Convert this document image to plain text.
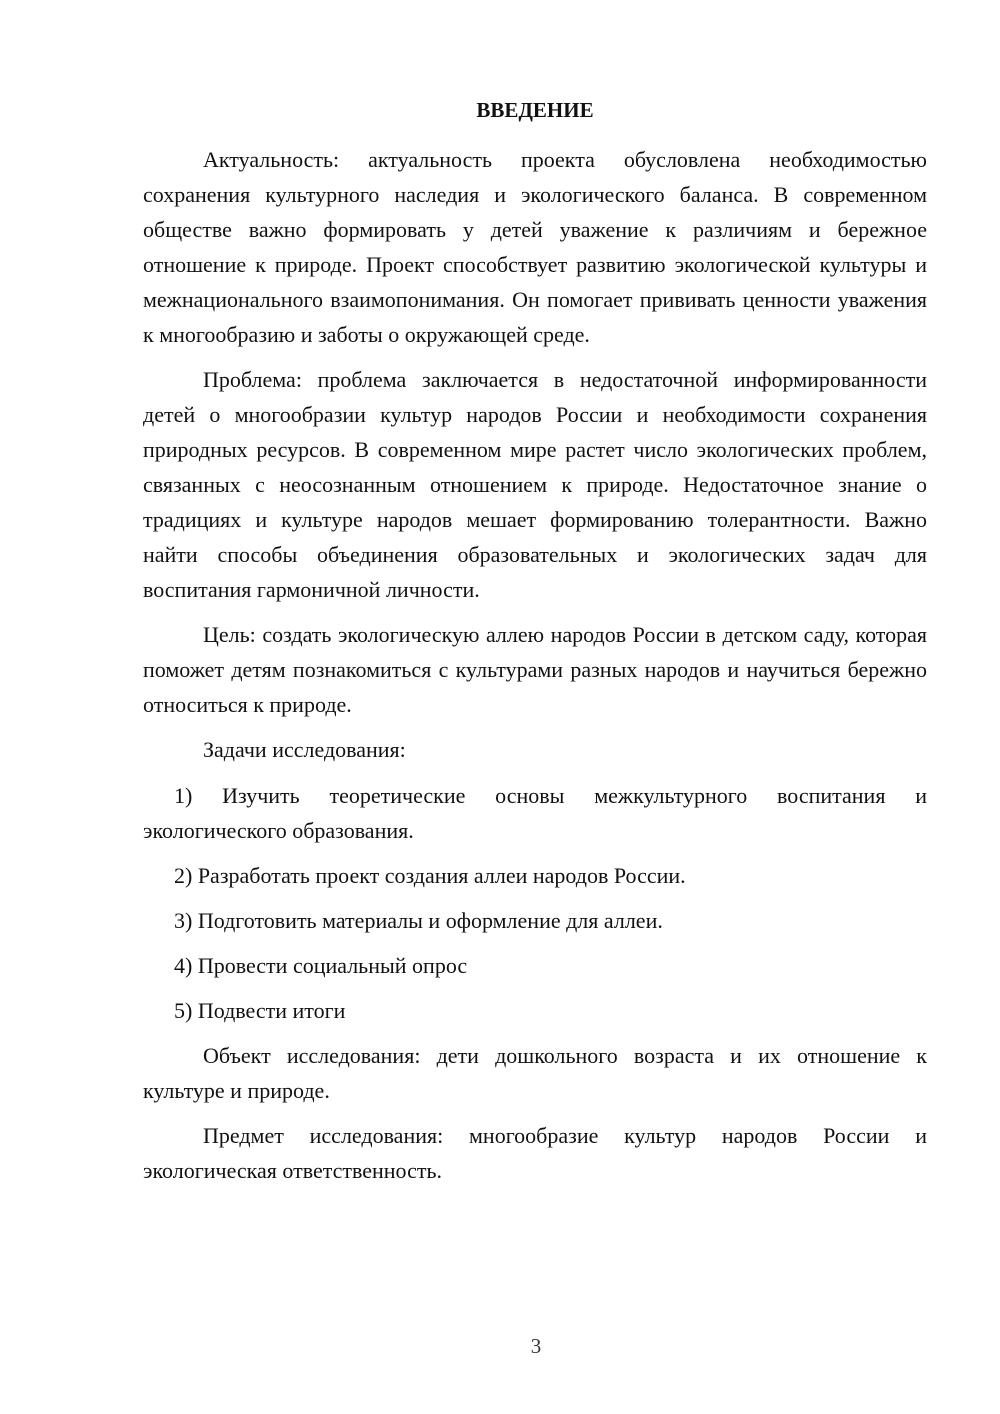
ВВЕДЕНИЕ

Актуальность: актуальность проекта обусловлена необходимостью сохранения культурного наследия и экологического баланса. В современном обществе важно формировать у детей уважение к различиям и бережное отношение к природе. Проект способствует развитию экологической культуры и межнационального взаимопонимания. Он помогает прививать ценности уважения к многообразию и заботы о окружающей среде.

Проблема: проблема заключается в недостаточной информированности детей о многообразии культур народов России и необходимости сохранения природных ресурсов. В современном мире растет число экологических проблем, связанных с неосознанным отношением к природе. Недостаточное знание о традициях и культуре народов мешает формированию толерантности. Важно найти способы объединения образовательных и экологических задач для воспитания гармоничной личности.

Цель: создать экологическую аллею народов России в детском саду, которая поможет детям познакомиться с культурами разных народов и научиться бережно относиться к природе.

Задачи исследования:

1) Изучить теоретические основы межкультурного воспитания и экологического образования.

2) Разработать проект создания аллеи народов России.

3) Подготовить материалы и оформление для аллеи.

4) Провести социальный опрос

5) Подвести итоги

Объект исследования: дети дошкольного возраста и их отношение к культуре и природе.

Предмет исследования: многообразие культур народов России и экологическая ответственность.

3
